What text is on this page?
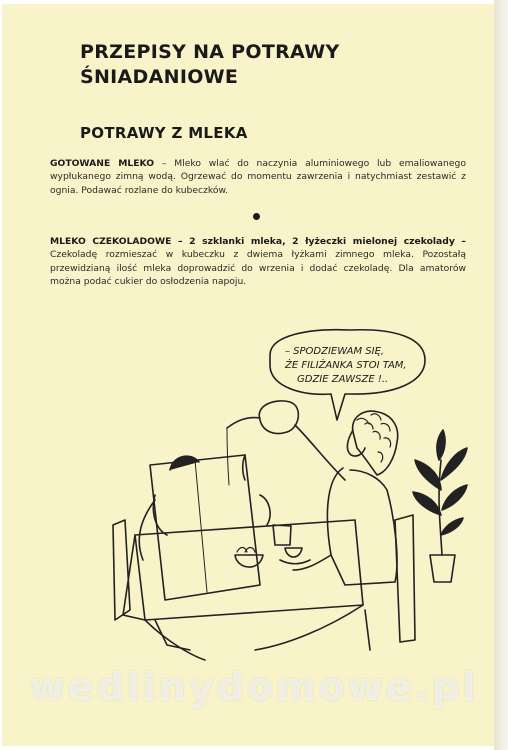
PRZEPISY NA POTRAWY
ŚNIADANIOWE
POTRAWY Z MLEKA

GOTOWANE MLEKO – Mleko wlać do naczynia aluminiowego lub emaliowanego wypłukanego zimną wodą. Ogrzewać do momentu zawrzenia i natychmiast zestawić z ognia. Podawać rozlane do kubeczków.

MLEKO CZEKOLADOWE – 2 szklanki mleka, 2 łyżeczki mielonej czekolady – Czekoladę rozmieszać w kubeczku z dwiema łyżkami zimnego mleka. Pozostałą przewidzianą ilość mleka doprowadzić do wrzenia i dodać czekoladę. Dla amatorów można podać cukier do osłodzenia napoju.

– SPODZIEWAM SIĘ, ŻE FILIŻANKA STOI TAM, GDZIE ZAWSZE !..
wedlinydomowe.pl
